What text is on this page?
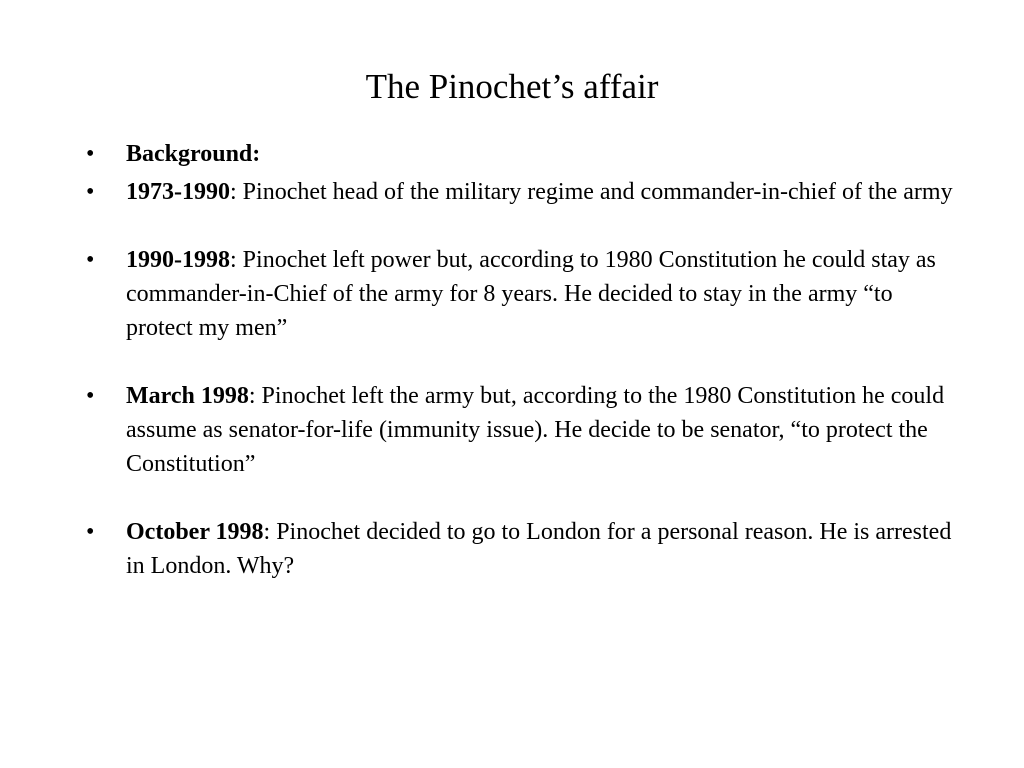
The Pinochet’s affair
•	Background:
•	1973-1990: Pinochet head of the military regime and commander-in-chief of the army
•	1990-1998: Pinochet left power but, according to 1980 Constitution he could stay as commander-in-Chief of the army for 8 years. He decided to stay in the army “to protect my men”
•	March 1998: Pinochet left the army but, according to the 1980 Constitution he could assume as senator-for-life (immunity issue). He decide to be senator, “to protect the Constitution”
•	October 1998: Pinochet decided to go to London for a personal reason. He is arrested in London. Why?
